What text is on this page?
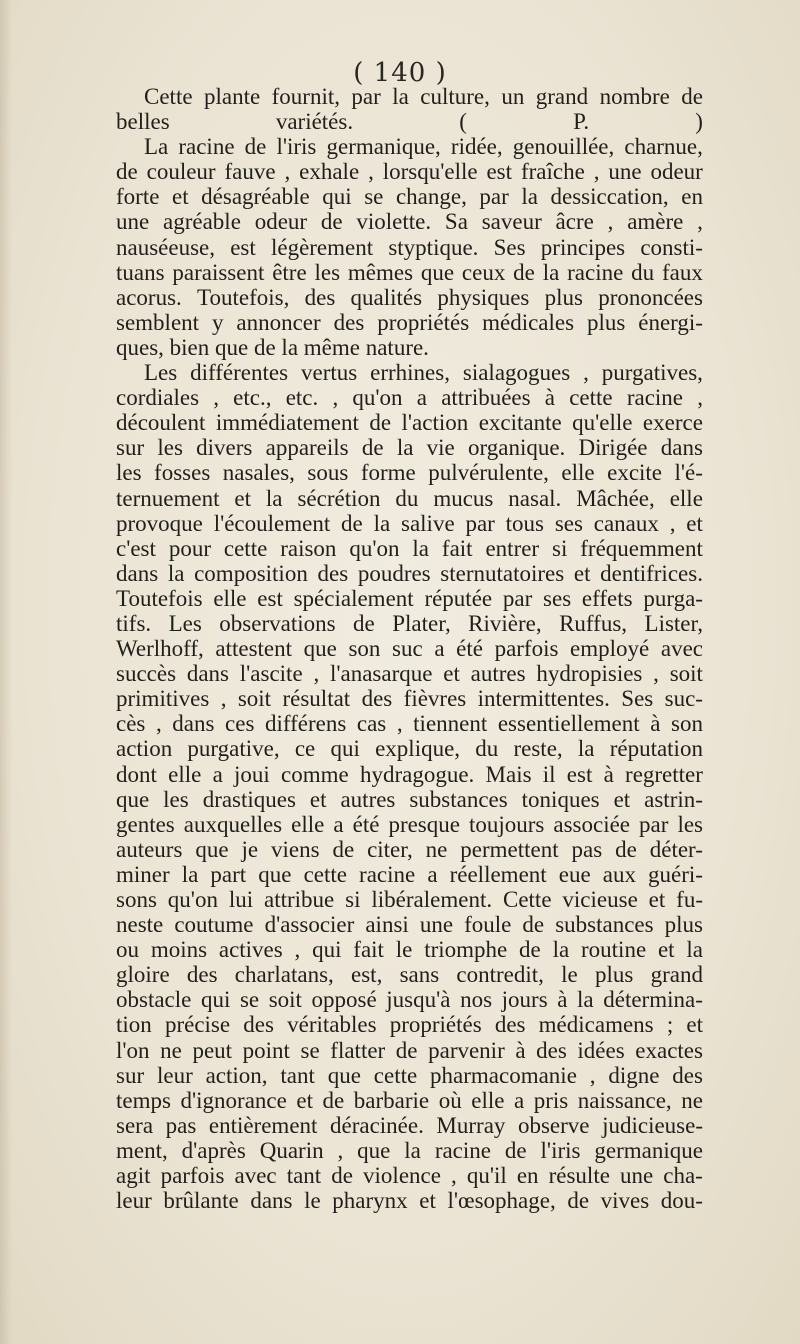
( 140 )
Cette plante fournit, par la culture, un grand nombre de
belles	variétés.	(	P.	)
La racine de l'iris germanique, ridée, genouillée, charnue,
de couleur fauve , exhale , lorsqu'elle est fraîche , une odeur
forte et désagréable qui se change, par la dessiccation, en
une agréable odeur de violette. Sa saveur âcre , amère ,
nauséeuse, est légèrement styptique. Ses principes consti-
tuans paraissent être les mêmes que ceux de la racine du faux
acorus. Toutefois, des qualités physiques plus prononcées
semblent y annoncer des propriétés médicales plus énergi-
ques, bien que de la même nature.
Les différentes vertus errhines, sialagogues , purgatives,
cordiales , etc., etc. , qu'on a attribuées à cette racine ,
découlent immédiatement de l'action excitante qu'elle exerce
sur les divers appareils de la vie organique. Dirigée dans
les fosses nasales, sous forme pulvérulente, elle excite l'é-
ternuement et la sécrétion du mucus nasal. Mâchée, elle
provoque l'écoulement de la salive par tous ses canaux , et
c'est pour cette raison qu'on la fait entrer si fréquemment
dans la composition des poudres sternutatoires et dentifrices.
Toutefois elle est spécialement réputée par ses effets purga-
tifs. Les observations de Plater, Rivière, Ruffus, Lister,
Werlhoff, attestent que son suc a été parfois employé avec
succès dans l'ascite , l'anasarque et autres hydropisies , soit
primitives , soit résultat des fièvres intermittentes. Ses suc-
cès , dans ces différens cas , tiennent essentiellement à son
action purgative, ce qui explique, du reste, la réputation
dont elle a joui comme hydragogue. Mais il est à regretter
que les drastiques et autres substances toniques et astrin-
gentes auxquelles elle a été presque toujours associée par les
auteurs que je viens de citer, ne permettent pas de déter-
miner la part que cette racine a réellement eue aux guéri-
sons qu'on lui attribue si libéralement. Cette vicieuse et fu-
neste coutume d'associer ainsi une foule de substances plus
ou moins actives , qui fait le triomphe de la routine et la
gloire des charlatans, est, sans contredit, le plus grand
obstacle qui se soit opposé jusqu'à nos jours à la détermina-
tion précise des véritables propriétés des médicamens ; et
l'on ne peut point se flatter de parvenir à des idées exactes
sur leur action, tant que cette pharmacomanie , digne des
temps d'ignorance et de barbarie où elle a pris naissance, ne
sera pas entièrement déracinée. Murray observe judicieuse-
ment, d'après Quarin , que la racine de l'iris germanique
agit parfois avec tant de violence , qu'il en résulte une cha-
leur brûlante dans le pharynx et l'œsophage, de vives dou-
